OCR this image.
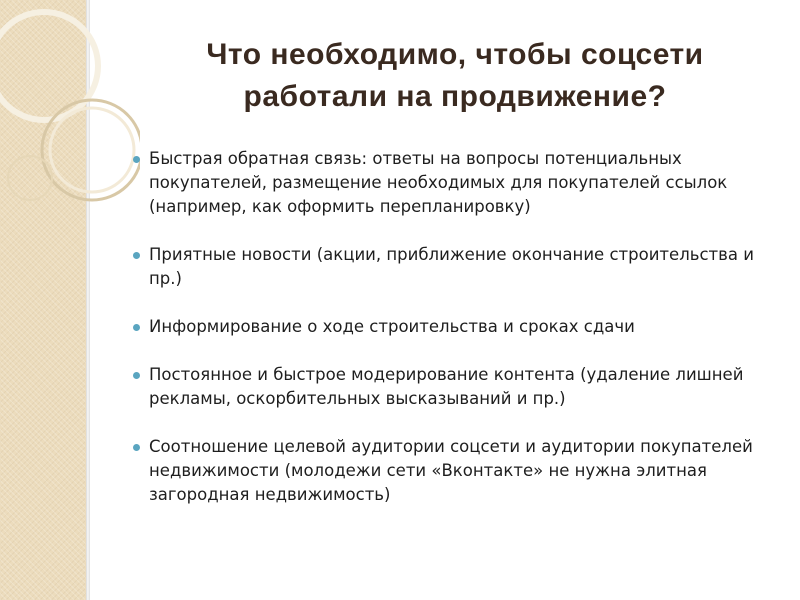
Что необходимо, чтобы соцсети
работали на продвижение?
Быстрая обратная связь: ответы на вопросы потенциальных покупателей, размещение необходимых для покупателей ссылок (например, как оформить перепланировку)
Приятные новости (акции, приближение окончание строительства и пр.)
Информирование о ходе строительства и сроках сдачи
Постоянное и быстрое модерирование контента (удаление лишней рекламы, оскорбительных высказываний и пр.)
Соотношение целевой аудитории соцсети и аудитории покупателей недвижимости (молодежи сети «Вконтакте» не нужна элитная загородная недвижимость)
